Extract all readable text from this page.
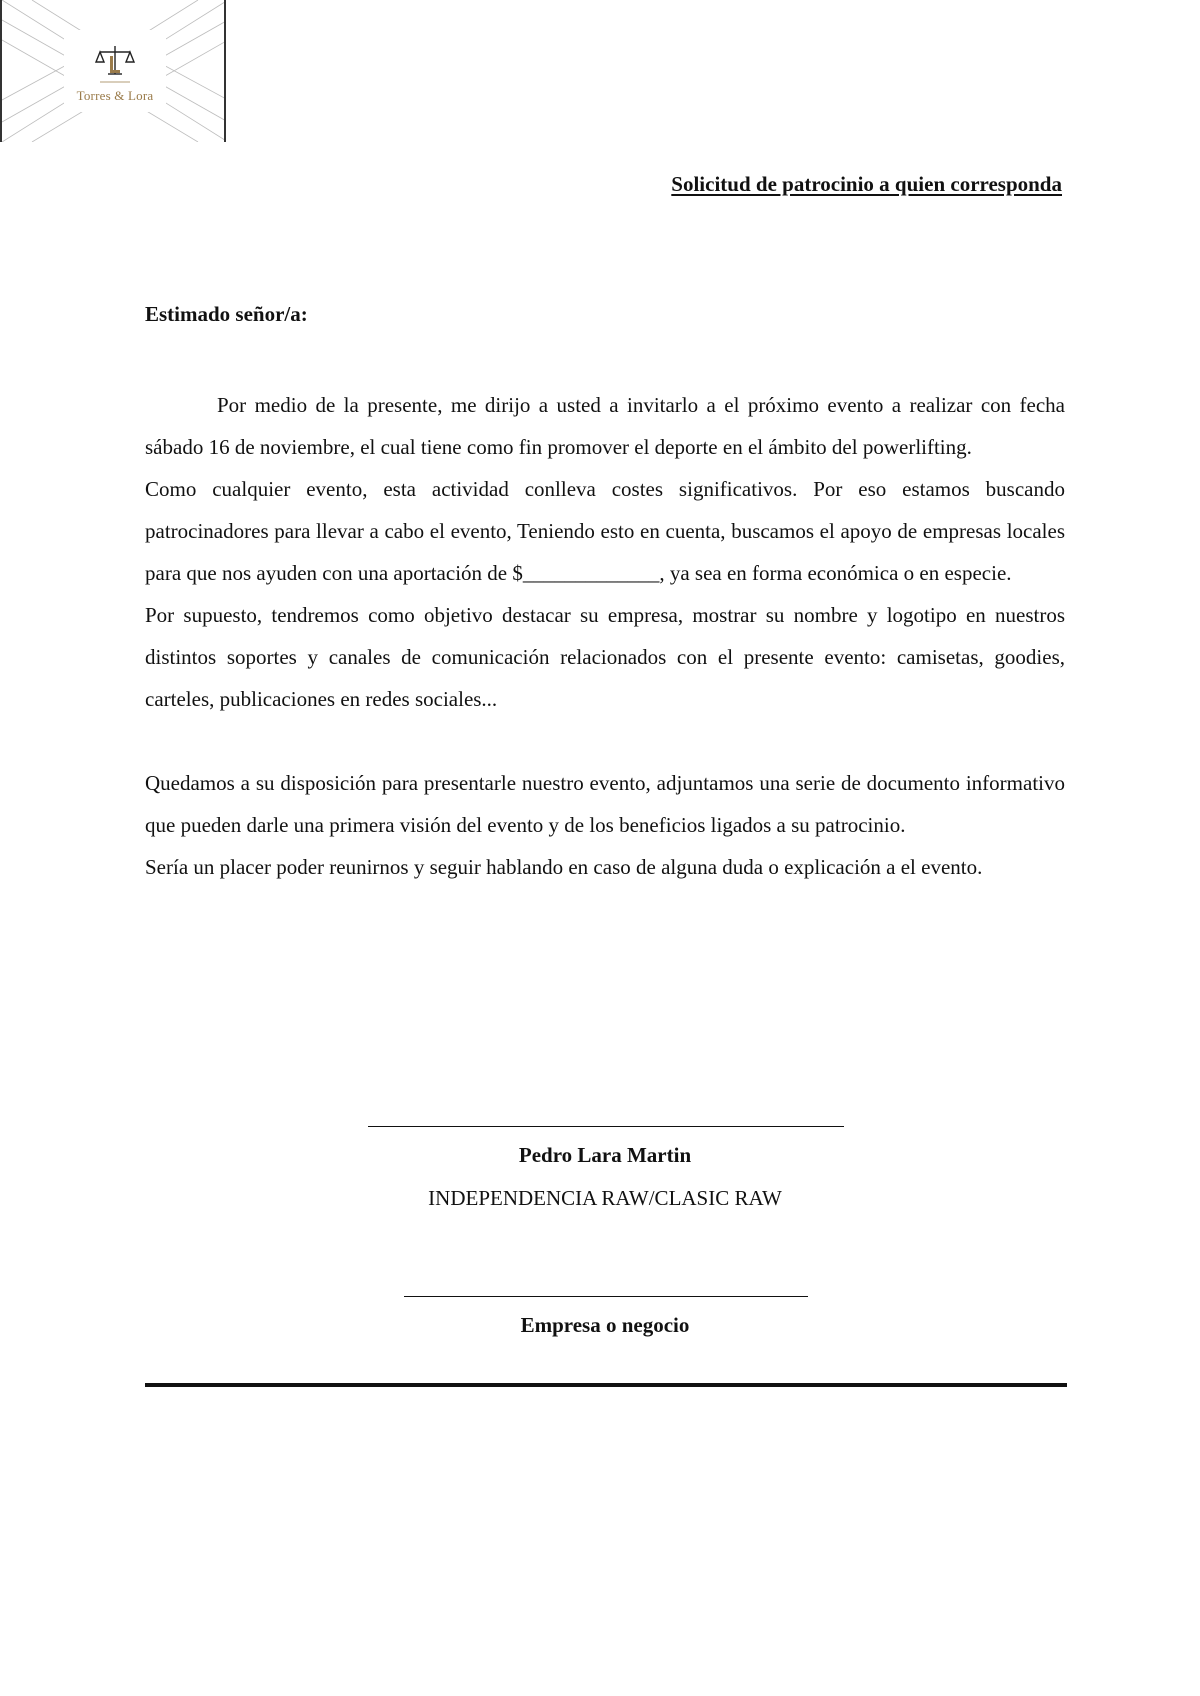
Torres & Lora
Solicitud de patrocinio a quien corresponda
Estimado señor/a:

Por medio de la presente, me dirijo a usted a invitarlo a el próximo evento a realizar con fecha sábado 16 de noviembre, el cual tiene como fin promover el deporte en el ámbito del powerlifting.

Como cualquier evento, esta actividad conlleva costes significativos. Por eso estamos buscando patrocinadores para llevar a cabo el evento, Teniendo esto en cuenta, buscamos el apoyo de empresas locales para que nos ayuden con una aportación de $_____________, ya sea en forma económica o en especie.

Por supuesto, tendremos como objetivo destacar su empresa, mostrar su nombre y logotipo en nuestros distintos soportes y canales de comunicación relacionados con el presente evento: camisetas, goodies, carteles, publicaciones en redes sociales...

Quedamos a su disposición para presentarle nuestro evento, adjuntamos una serie de documento informativo que pueden darle una primera visión del evento y de los beneficios ligados a su patrocinio.

Sería un placer poder reunirnos y seguir hablando en caso de alguna duda o explicación a el evento.

Pedro Lara Martin
INDEPENDENCIA RAW/CLASIC RAW
Empresa o negocio
